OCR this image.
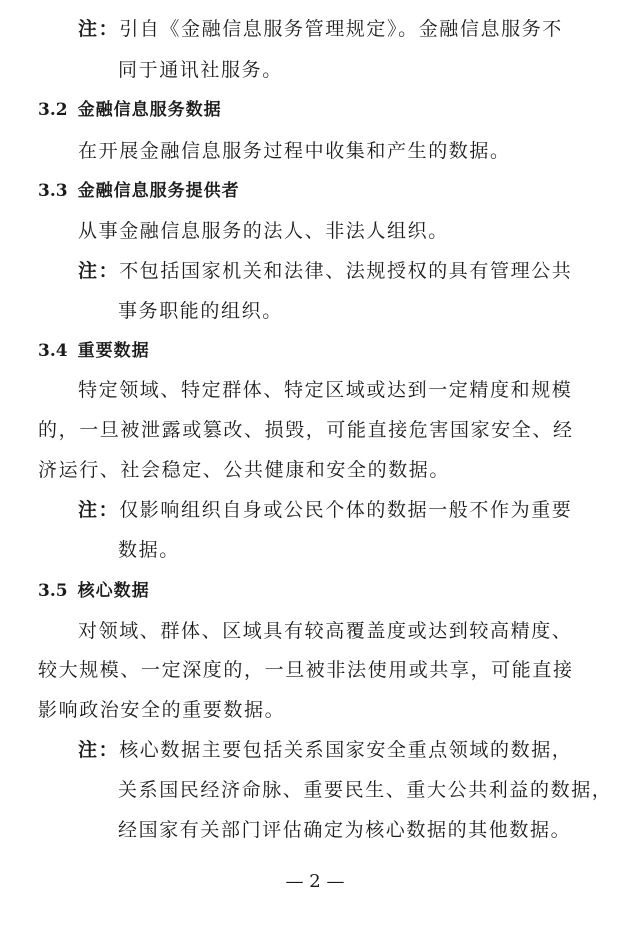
注：引自《金融信息服务管理规定》。金融信息服务不
同于通讯社服务。
3.2 金融信息服务数据
在开展金融信息服务过程中收集和产生的数据。
3.3 金融信息服务提供者
从事金融信息服务的法人、非法人组织。
注：不包括国家机关和法律、法规授权的具有管理公共
事务职能的组织。
3.4 重要数据
特定领域、特定群体、特定区域或达到一定精度和规模
的，一旦被泄露或篡改、损毁，可能直接危害国家安全、经
济运行、社会稳定、公共健康和安全的数据。
注：仅影响组织自身或公民个体的数据一般不作为重要
数据。
3.5 核心数据
对领域、群体、区域具有较高覆盖度或达到较高精度、
较大规模、一定深度的，一旦被非法使用或共享，可能直接
影响政治安全的重要数据。
注：核心数据主要包括关系国家安全重点领域的数据，
关系国民经济命脉、重要民生、重大公共利益的数据，
经国家有关部门评估确定为核心数据的其他数据。
— 2 —
